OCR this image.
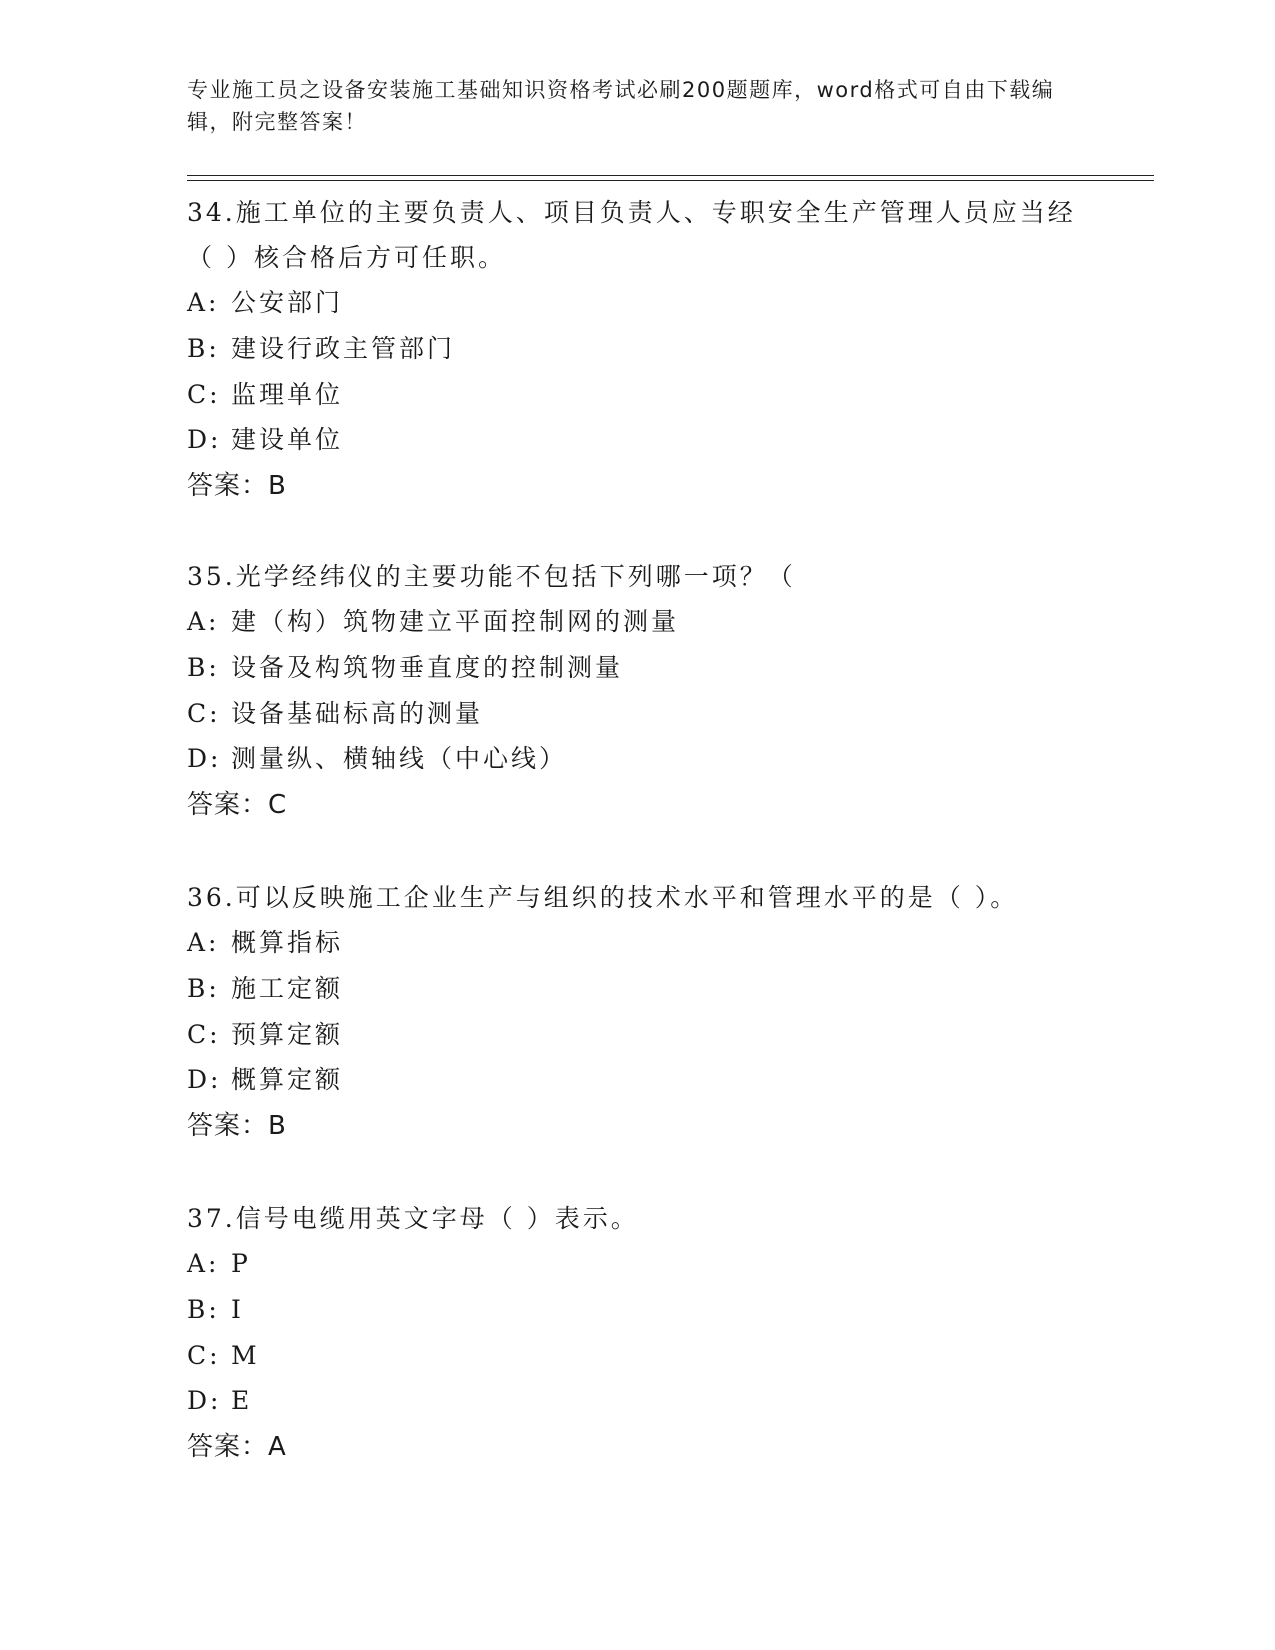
专业施工员之设备安装施工基础知识资格考试必刷200题题库，word格式可自由下载编辑，附完整答案！

34.施工单位的主要负责人、项目负责人、专职安全生产管理人员应当经（ ）核合格后方可任职。

A: 公安部门
B: 建设行政主管部门
C: 监理单位
D: 建设单位
答案：B

35.光学经纬仪的主要功能不包括下列哪一项？（

A: 建（构）筑物建立平面控制网的测量
B: 设备及构筑物垂直度的控制测量
C: 设备基础标高的测量
D: 测量纵、横轴线（中心线）
答案：C

36.可以反映施工企业生产与组织的技术水平和管理水平的是（ ）。

A: 概算指标
B: 施工定额
C: 预算定额
D: 概算定额
答案：B

37.信号电缆用英文字母（ ）表示。

A: P
B: I
C: M
D: E
答案：A
